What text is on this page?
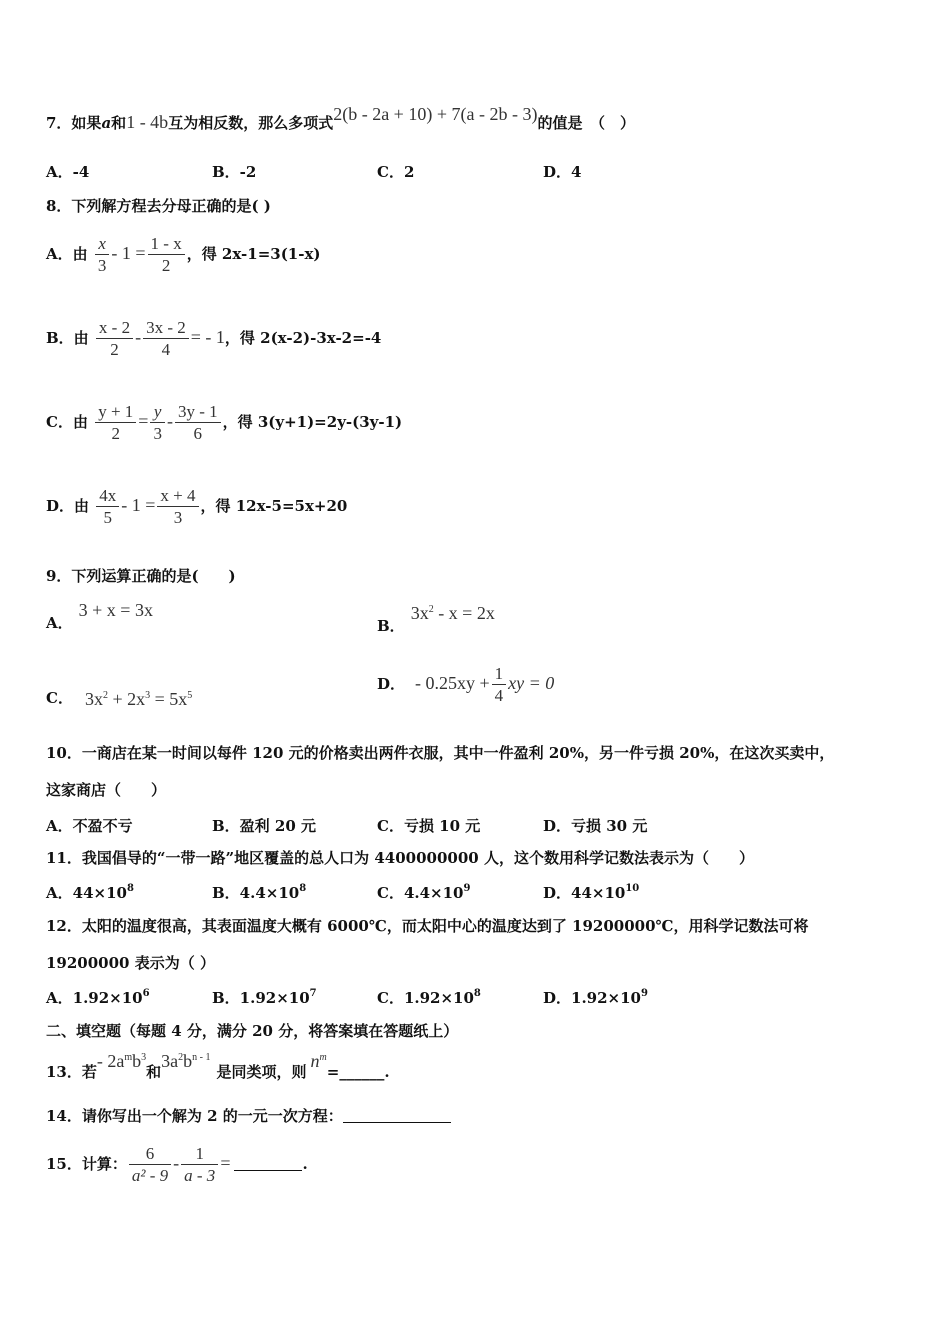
7．如果a和1 - 4b互为相反数，那么多项式2(b - 2a + 10) + 7(a - 2b - 3)的值是　（　）
A．-4	B．-2	C．2	D．4
8．下列解方程去分母正确的是( )
A．由 $\frac{x}{3} - 1 = \frac{1 - x}{2}$ ，得 2x-1=3(1-x)
B．由 $\frac{x - 2}{2} - \frac{3x - 2}{4}$ = - 1，得 2(x-2)-3x-2=-4
C．由 $\frac{y + 1}{2} = \frac{y}{3} - \frac{3y - 1}{6}$ ，得 3(y+1)=2y-(3y-1)
D．由 $\frac{4x}{5} - 1 = \frac{x + 4}{3}$ ，得 12x-5=5x+20
9．下列运算正确的是(　　)
A．3 + x = 3x
B．$3x^2 - x = 2x$
C． $3x^2 + 2x^3 = 5x^5$
D． - $0.25xy + \frac{1}{4}$ xy = 0
10．一商店在某一时间以每件 120 元的价格卖出两件衣服，其中一件盈利 20%，另一件亏损 20%，在这次买卖中，
这家商店（　　）
A．不盈不亏	B．盈利 20 元	C．亏损 10 元	D．亏损 30 元
11．我国倡导的“一带一路”地区覆盖的总人口为 4400000000 人，这个数用科学记数法表示为（　　）
A．$44\times 10^8$	B．$4.4\times 10^8$	C．$4.4\times 10^9$	D．$44\times 10^{10}$
12．太阳的温度很高，其表面温度大概有 6000℃，而太阳中心的温度达到了 19200000℃，用科学记数法可将
19200000 表示为（ ）
A．$1.92\times 10^6$	B．$1.92\times 10^7$	C．$1.92\times 10^8$	D．$1.92\times 10^9$
二、填空题（每题 4 分，满分 20 分，将答案填在答题纸上）
13．若- $2a^mb^3$和$3a^2b^{n - 1}$是同类项，则$n^m=\_\_\_\_\_\_$.
14．请你写出一个解为 2 的一元一次方程：
15．计算： $\frac{6}{\text{a² - 9}} - \frac{1}{a - 3}$ =	.
